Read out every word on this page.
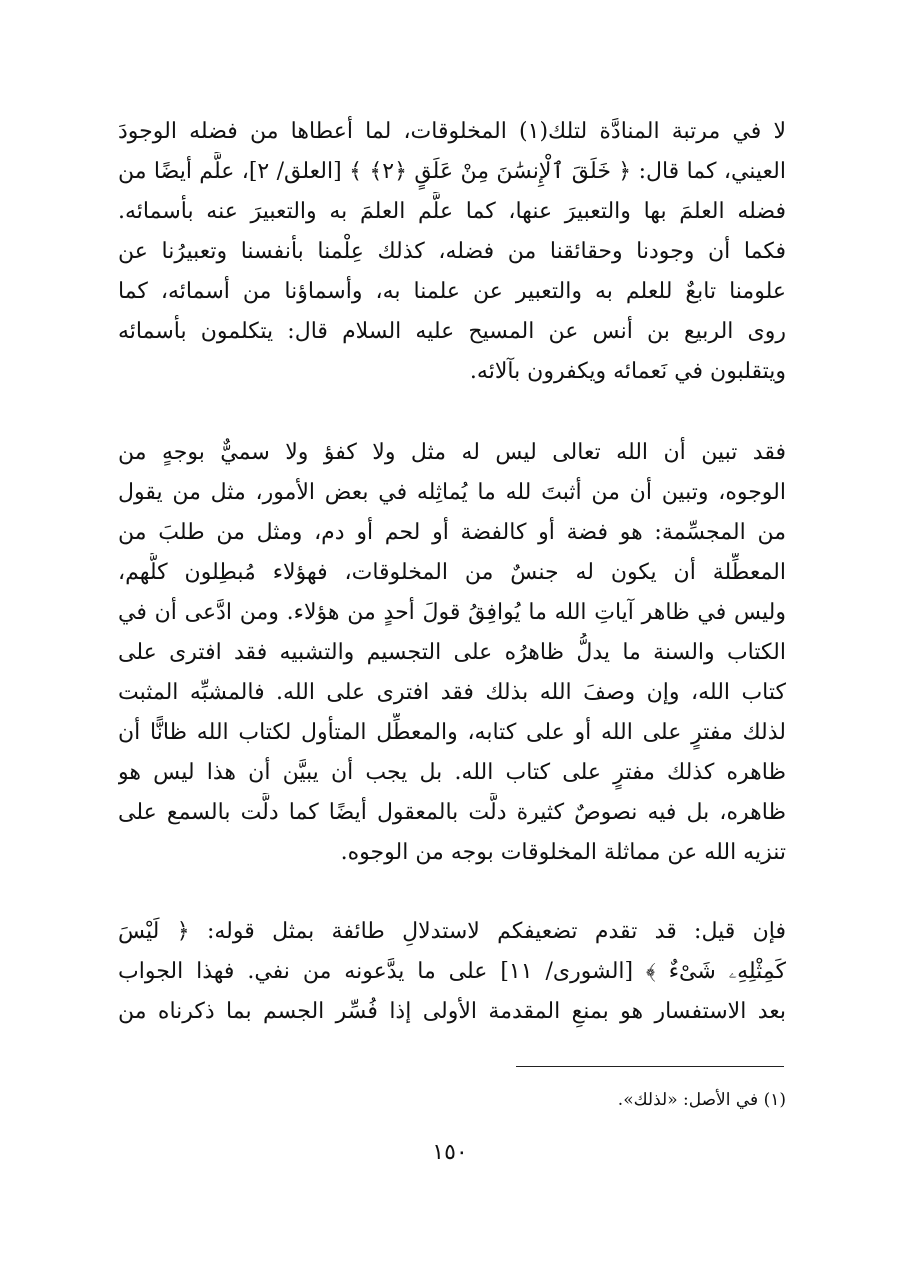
لا في مرتبة المنادَّة لتلك(١) المخلوقات، لما أعطاها من فضله الوجودَ
العيني، كما قال: ﴿ خَلَقَ ٱلْإِنسَٰنَ مِنْ عَلَقٍ ﴿٢﴾ ﴾ [العلق/ ٢]، علَّم أيضًا من
فضله العلمَ بها والتعبيرَ عنها، كما علَّم العلمَ به والتعبيرَ عنه بأسمائه.
فكما أن وجودنا وحقائقنا من فضله، كذلك عِلْمنا بأنفسنا وتعبيرُنا عن
علومنا تابعٌ للعلم به والتعبير عن علمنا به، وأسماؤنا من أسمائه، كما
روى الربيع بن أنس عن المسيح عليه السلام قال: يتكلمون بأسمائه
ويتقلبون في نَعمائه ويكفرون بآلائه.
فقد تبين أن الله تعالى ليس له مثل ولا كفؤ ولا سميٌّ بوجهٍ من
الوجوه، وتبين أن من أثبتَ لله ما يُماثِله في بعض الأمور، مثل من يقول
من المجسِّمة: هو فضة أو كالفضة أو لحم أو دم، ومثل من طلبَ من
المعطِّلة أن يكون له جنسٌ من المخلوقات، فهؤلاء مُبطِلون كلُّهم،
وليس في ظاهر آياتِ الله ما يُوافِقُ قولَ أحدٍ من هؤلاء. ومن ادَّعى أن في
الكتاب والسنة ما يدلُّ ظاهرُه على التجسيم والتشبيه فقد افترى على
كتاب الله، وإن وصفَ الله بذلك فقد افترى على الله. فالمشبِّه المثبت
لذلك مفترٍ على الله أو على كتابه، والمعطِّل المتأول لكتاب الله ظانًّا أن
ظاهره كذلك مفترٍ على كتاب الله. بل يجب أن يبيَّن أن هذا ليس هو
ظاهره، بل فيه نصوصٌ كثيرة دلَّت بالمعقول أيضًا كما دلَّت بالسمع على
تنزيه الله عن مماثلة المخلوقات بوجه من الوجوه.
فإن قيل: قد تقدم تضعيفكم لاستدلالِ طائفة بمثل قوله: ﴿ لَيْسَ
كَمِثْلِهِۦ شَىْءٌ ﴾ [الشورى/ ١١] على ما يدَّعونه من نفي. فهذا الجواب
بعد الاستفسار هو بمنعِ المقدمة الأولى إذا فُسِّر الجسم بما ذكرناه من
(١) في الأصل: «لذلك».
١٥٠
